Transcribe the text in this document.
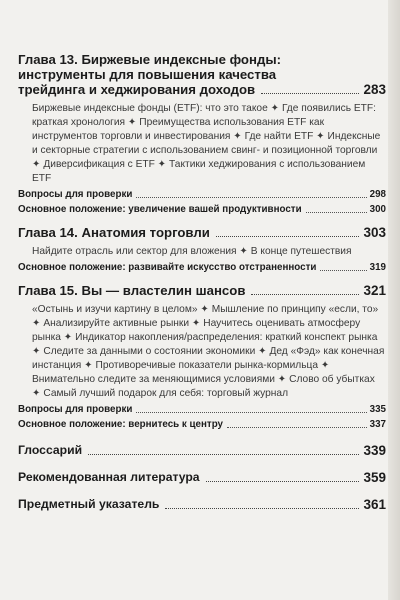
Глава 13. Биржевые индексные фонды:
инструменты для повышения качества
трейдинга и хеджирования доходов	283
Биржевые индексные фонды (ETF): что это такое ✦ Где появились ETF: краткая хронология ✦ Преимущества использования ETF как инструментов торговли и инвестирования ✦ Где найти ETF ✦ Индексные и секторные стратегии с использованием свинг- и позиционной торговли ✦ Диверсификация с ETF ✦ Тактики хеджирования с использованием ETF
Вопросы для проверки	298
Основное положение: увеличение вашей продуктивности	300
Глава 14. Анатомия торговли	303
Найдите отрасль или сектор для вложения ✦ В конце путешествия
Основное положение: развивайте искусство отстраненности	319
Глава 15. Вы — властелин шансов	321
«Остынь и изучи картину в целом» ✦ Мышление по принципу «если, то» ✦ Анализируйте активные рынки ✦ Научитесь оценивать атмосферу рынка ✦ Индикатор накопления/распределения: краткий конспект рынка ✦ Следите за данными о состоянии экономики ✦ Дед «Фэд» как конечная инстанция ✦ Противоречивые показатели рынка-кормильца ✦ Внимательно следите за меняющимися условиями ✦ Слово об убытках ✦ Самый лучший подарок для себя: торговый журнал
Вопросы для проверки	335
Основное положение: вернитесь к центру	337
Глоссарий	339
Рекомендованная литература	359
Предметный указатель	361
